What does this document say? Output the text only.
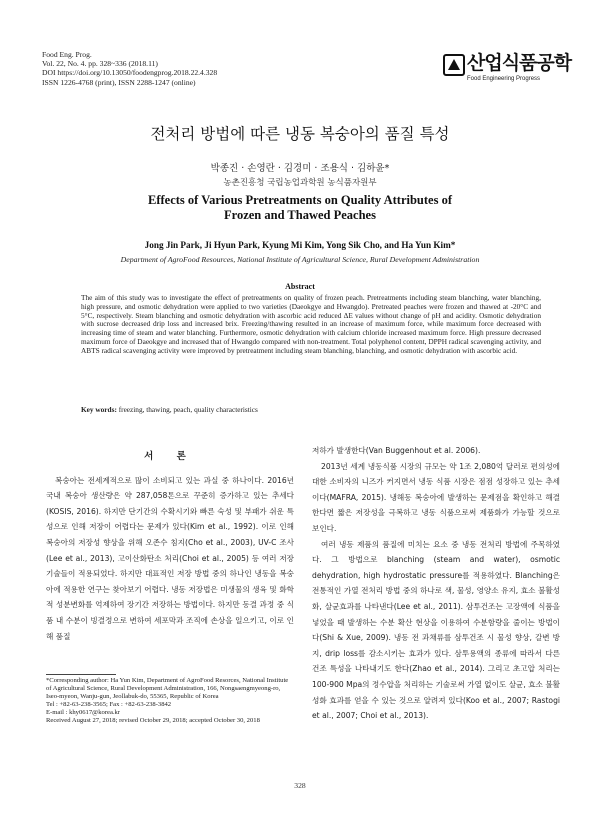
Food Eng. Prog.
Vol. 22, No. 4. pp. 328~336 (2018.11)
DOI https://doi.org/10.13050/foodengprog.2018.22.4.328
ISSN 1226-4768 (print), ISSN 2288-1247 (online)
산업식품공학
Food Engineering Progress
전처리 방법에 따른 냉동 복숭아의 품질 특성
박종진 · 손영란 · 김경미 · 조용식 · 김하윤*
농촌진흥청 국립농업과학원 농식품자원부
Effects of Various Pretreatments on Quality Attributes of
Frozen and Thawed Peaches
Jong Jin Park, Ji Hyun Park, Kyung Mi Kim, Yong Sik Cho, and Ha Yun Kim*
Department of AgroFood Resources, National Institute of Agricultural Science, Rural Development Administration
Abstract
The aim of this study was to investigate the effect of pretreatments on quality of frozen peach. Pretreatments including steam blanching, water blanching, high pressure, and osmotic dehydration were applied to two varieties (Daeokgye and Hwangdo). Pretreated peaches were frozen and thawed at -20°C and 5°C, respectively. Steam blanching and osmotic dehydration with ascorbic acid reduced ΔE values without change of pH and acidity. Osmotic dehydration with sucrose decreased drip loss and increased brix. Freezing/thawing resulted in an increase of maximum force, while maximum force decreased with increasing time of steam and water blanching. Furthermore, osmotic dehydration with calcium chloride increased maximum force. High pressure decreased maximum force of Daeokgye and increased that of Hwangdo compared with non-treatment. Total polyphenol content, DPPH radical scavenging activity, and ABTS radical scavenging activity were improved by pretreatment including steam blanching, blanching, and osmotic dehydration with ascorbic acid.
Key words: freezing, thawing, peach, quality characteristics
서 론

복숭아는 전세계적으로 많이 소비되고 있는 과실 중 하나이다. 2016년 국내 복숭아 생산량은 약 287,058톤으로 꾸준히 증가하고 있는 추세다(KOSIS, 2016). 하지만 단기간의 수확시기와 빠른 숙성 및 부패가 쉬운 특성으로 인해 저장이 어렵다는 문제가 있다(Kim et al., 1992). 이로 인해 복숭아의 저장성 향상을 위해 오존수 침지(Cho et al., 2003), UV-C 조사(Lee et al., 2013), 고이산화탄소 처리(Choi et al., 2005) 등 여러 저장 기술들이 적용되었다. 하지만 대표적인 저장 방법 중의 하나인 냉동을 복숭아에 적용한 연구는 찾아보기 어렵다. 냉동 저장법은 미생물의 생육 및 화학적 성분변화를 억제하여 장기간 저장하는 방법이다. 하지만 동결 과정 중 식품 내 수분이 빙결정으로 변하여 세포막과 조직에 손상을 일으키고, 이로 인해 품질

저하가 발생한다(Van Buggenhout et al. 2006).

2013년 세계 냉동식품 시장의 규모는 약 1조 2,080억 달러로 편의성에 대한 소비자의 니즈가 커지면서 냉동 식품 시장은 점점 성장하고 있는 추세이다(MAFRA, 2015). 냉해동 복숭아에 발생하는 문제점을 확인하고 해결한다면 짧은 저장성을 극복하고 냉동 식품으로써 제품화가 가능할 것으로 보인다.

여러 냉동 제품의 품질에 미치는 요소 중 냉동 전처리 방법에 주목하였다. 그 방법으로 blanching (steam and water), osmotic dehydration, high hydrostatic pressure를 적용하였다. Blanching은 전통적인 가열 전처리 방법 중의 하나로 색, 물성, 영양소 유지, 효소 불활성화, 살균효과를 나타낸다(Lee et al., 2011). 삼투건조는 고장액에 식품을 넣었을 때 발생하는 수분 확산 현상을 이용하여 수분함량을 줄이는 방법이다(Shi & Xue, 2009). 냉동 전 과채류를 삼투건조 시 물성 향상, 갈변 방지, drip loss를 감소시키는 효과가 있다. 삼투용액의 종류에 따라서 다른 건조 특성을 나타내기도 한다(Zhao et al., 2014). 그리고 초고압 처리는 100-900 Mpa의 정수압을 처리하는 기술로써 가열 없이도 살균, 효소 불활성화 효과를 얻을 수 있는 것으로 알려져 있다(Koo et al., 2007; Rastogi et al., 2007; Choi et al., 2013).

*Corresponding author: Ha Yun Kim, Department of AgroFood Resorces, National Institute of Agricultural Science, Rural Development Administration, 166, Nongsaengmyeong-ro, Iseo-myeon, Wanju-gun, Jeollabuk-do, 55365, Republic of Korea
Tel : +82-63-238-3565; Fax : +82-63-238-3842
E-mail : khy0617@korea.kr
Received August 27, 2018; revised October 29, 2018; accepted October 30, 2018
328
